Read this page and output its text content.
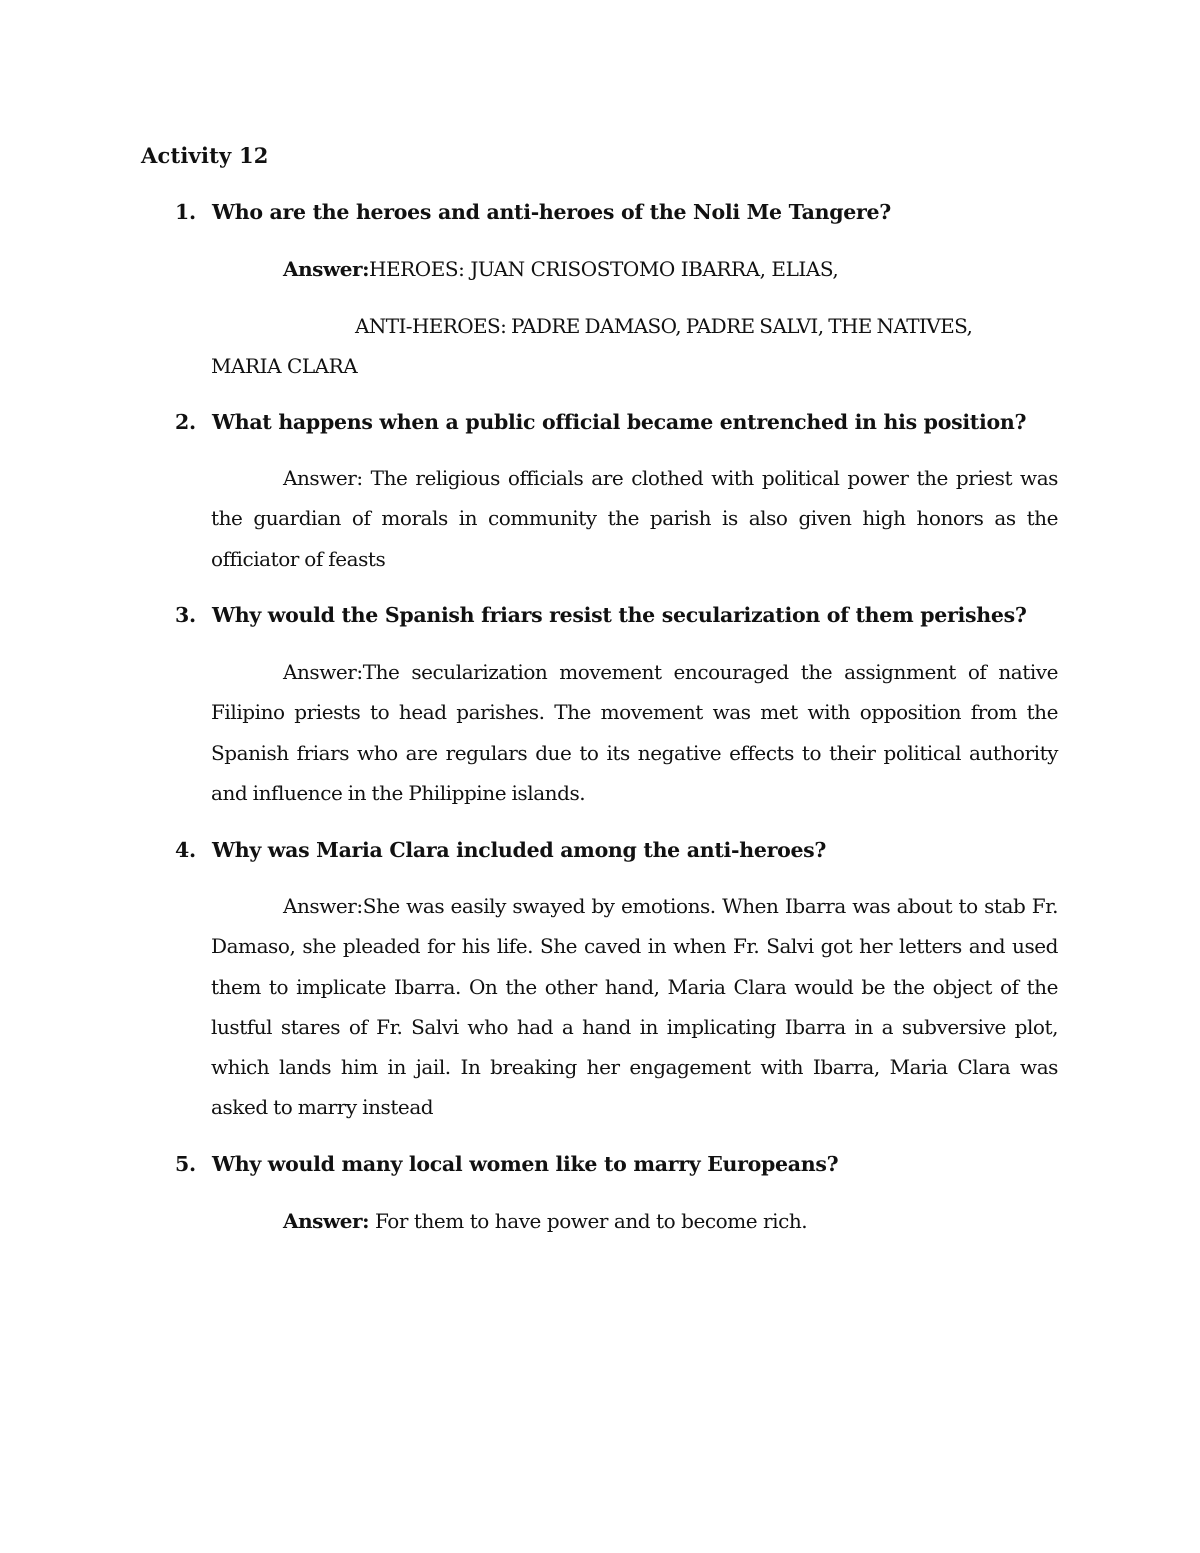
Activity 12
1. Who are the heroes and anti-heroes of the Noli Me Tangere?
Answer:HEROES: JUAN CRISOSTOMO IBARRA, ELIAS,
ANTI-HEROES: PADRE DAMASO, PADRE SALVI, THE NATIVES,
MARIA CLARA
2. What happens when a public official became entrenched in his position?
Answer: The religious officials are clothed with political power the priest was the guardian of morals in community the parish is also given high honors as the officiator of feasts
3. Why would the Spanish friars resist the secularization of them perishes?
Answer:The secularization movement encouraged the assignment of native Filipino priests to head parishes. The movement was met with opposition from the Spanish friars who are regulars due to its negative effects to their political authority and influence in the Philippine islands.
4. Why was Maria Clara included among the anti-heroes?
Answer:She was easily swayed by emotions. When Ibarra was about to stab Fr. Damaso, she pleaded for his life. She caved in when Fr. Salvi got her letters and used them to implicate Ibarra. On the other hand, Maria Clara would be the object of the lustful stares of Fr. Salvi who had a hand in implicating Ibarra in a subversive plot, which lands him in jail. In breaking her engagement with Ibarra, Maria Clara was asked to marry instead
5. Why would many local women like to marry Europeans?
Answer: For them to have power and to become rich.
